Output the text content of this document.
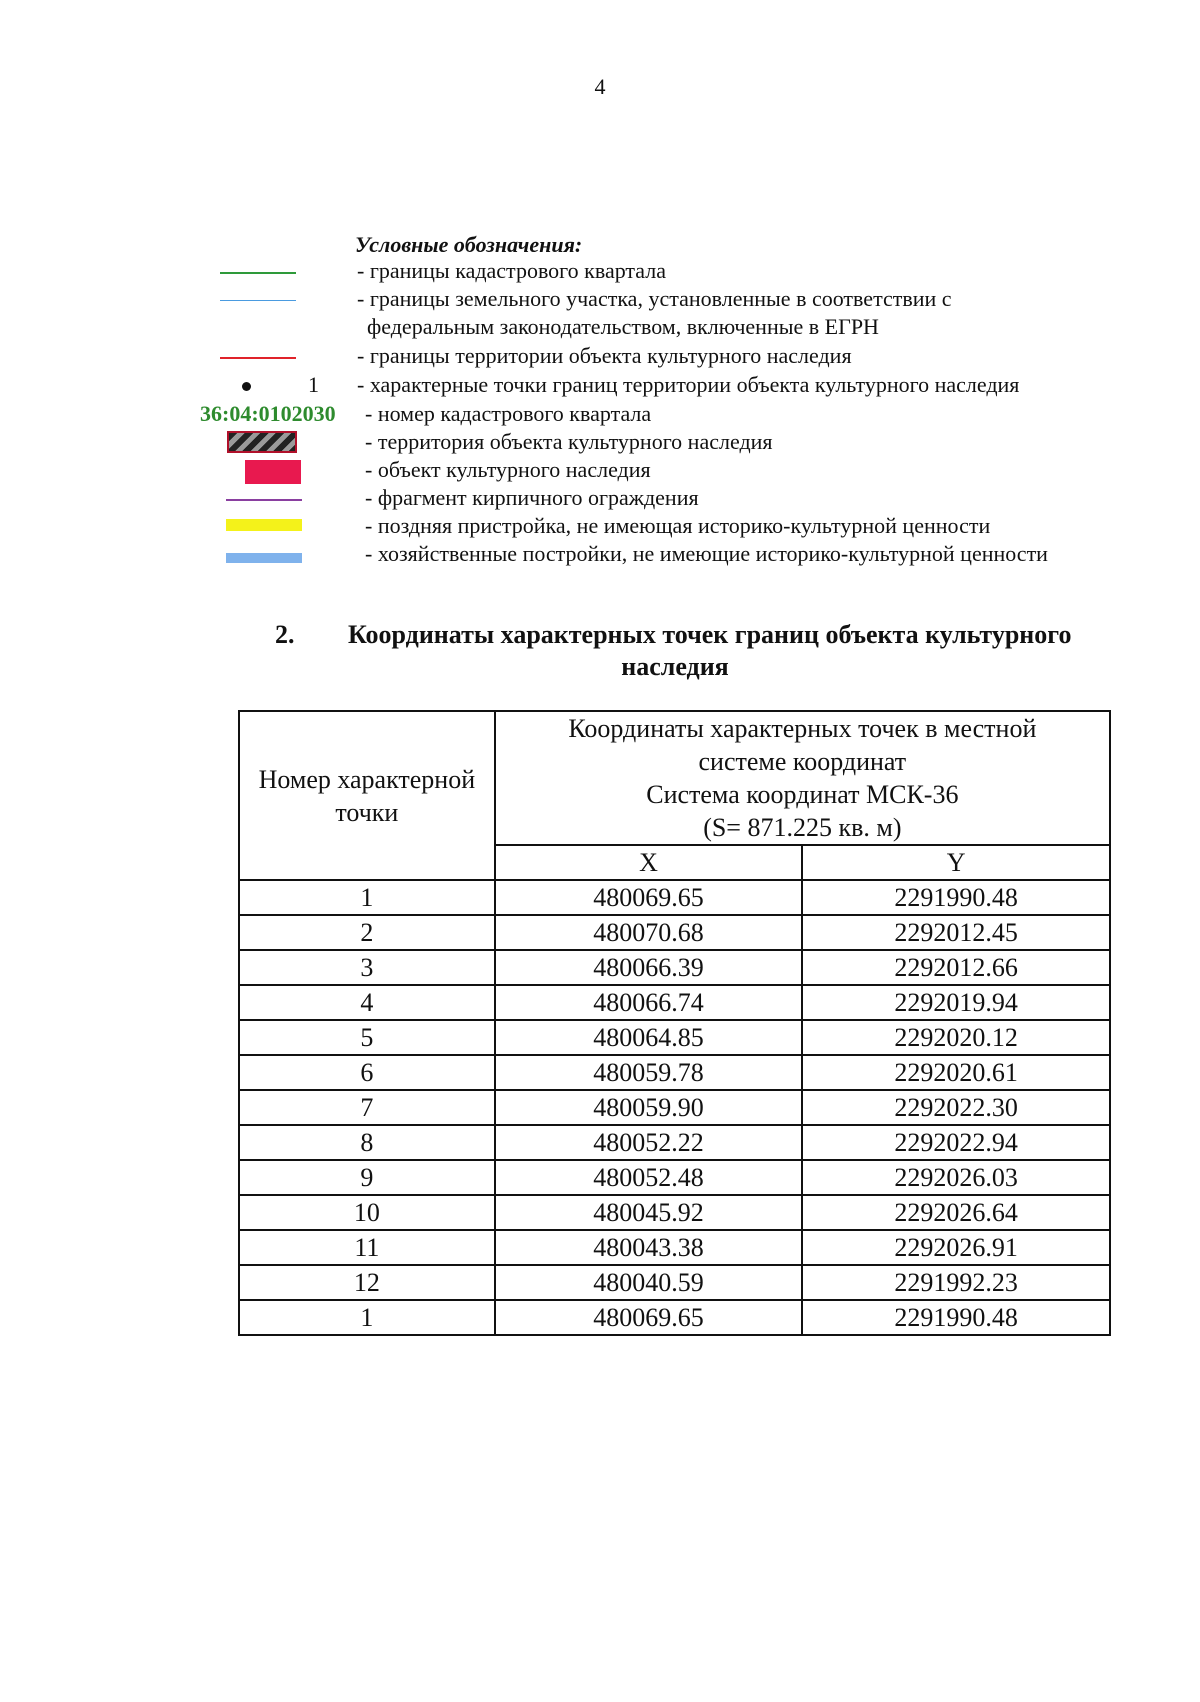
4
Условные обозначения:
- границы кадастрового квартала
- границы земельного участка, установленные в соответствии с
федеральным законодательством, включенные в ЕГРН
- границы территории объекта культурного наследия
1 - характерные точки границ территории объекта культурного наследия
36:04:0102030 - номер кадастрового квартала
- территория объекта культурного наследия
- объект культурного наследия
- фрагмент кирпичного ограждения
- поздняя пристройка, не имеющая историко-культурной ценности
- хозяйственные постройки, не имеющие историко-культурной ценности
2. Координаты характерных точек границ объекта культурного
наследия
Номер характерной точки	Координаты характерных точек в местной
системе координат
Система координат МСК-36
(S= 871.225 кв. м)	

	X	Y
1	480069.65	2291990.48
2	480070.68	2292012.45
3	480066.39	2292012.66
4	480066.74	2292019.94
5	480064.85	2292020.12
6	480059.78	2292020.61
7	480059.90	2292022.30
8	480052.22	2292022.94
9	480052.48	2292026.03
10	480045.92	2292026.64
11	480043.38	2292026.91
12	480040.59	2291992.23
1	480069.65	2291990.48
